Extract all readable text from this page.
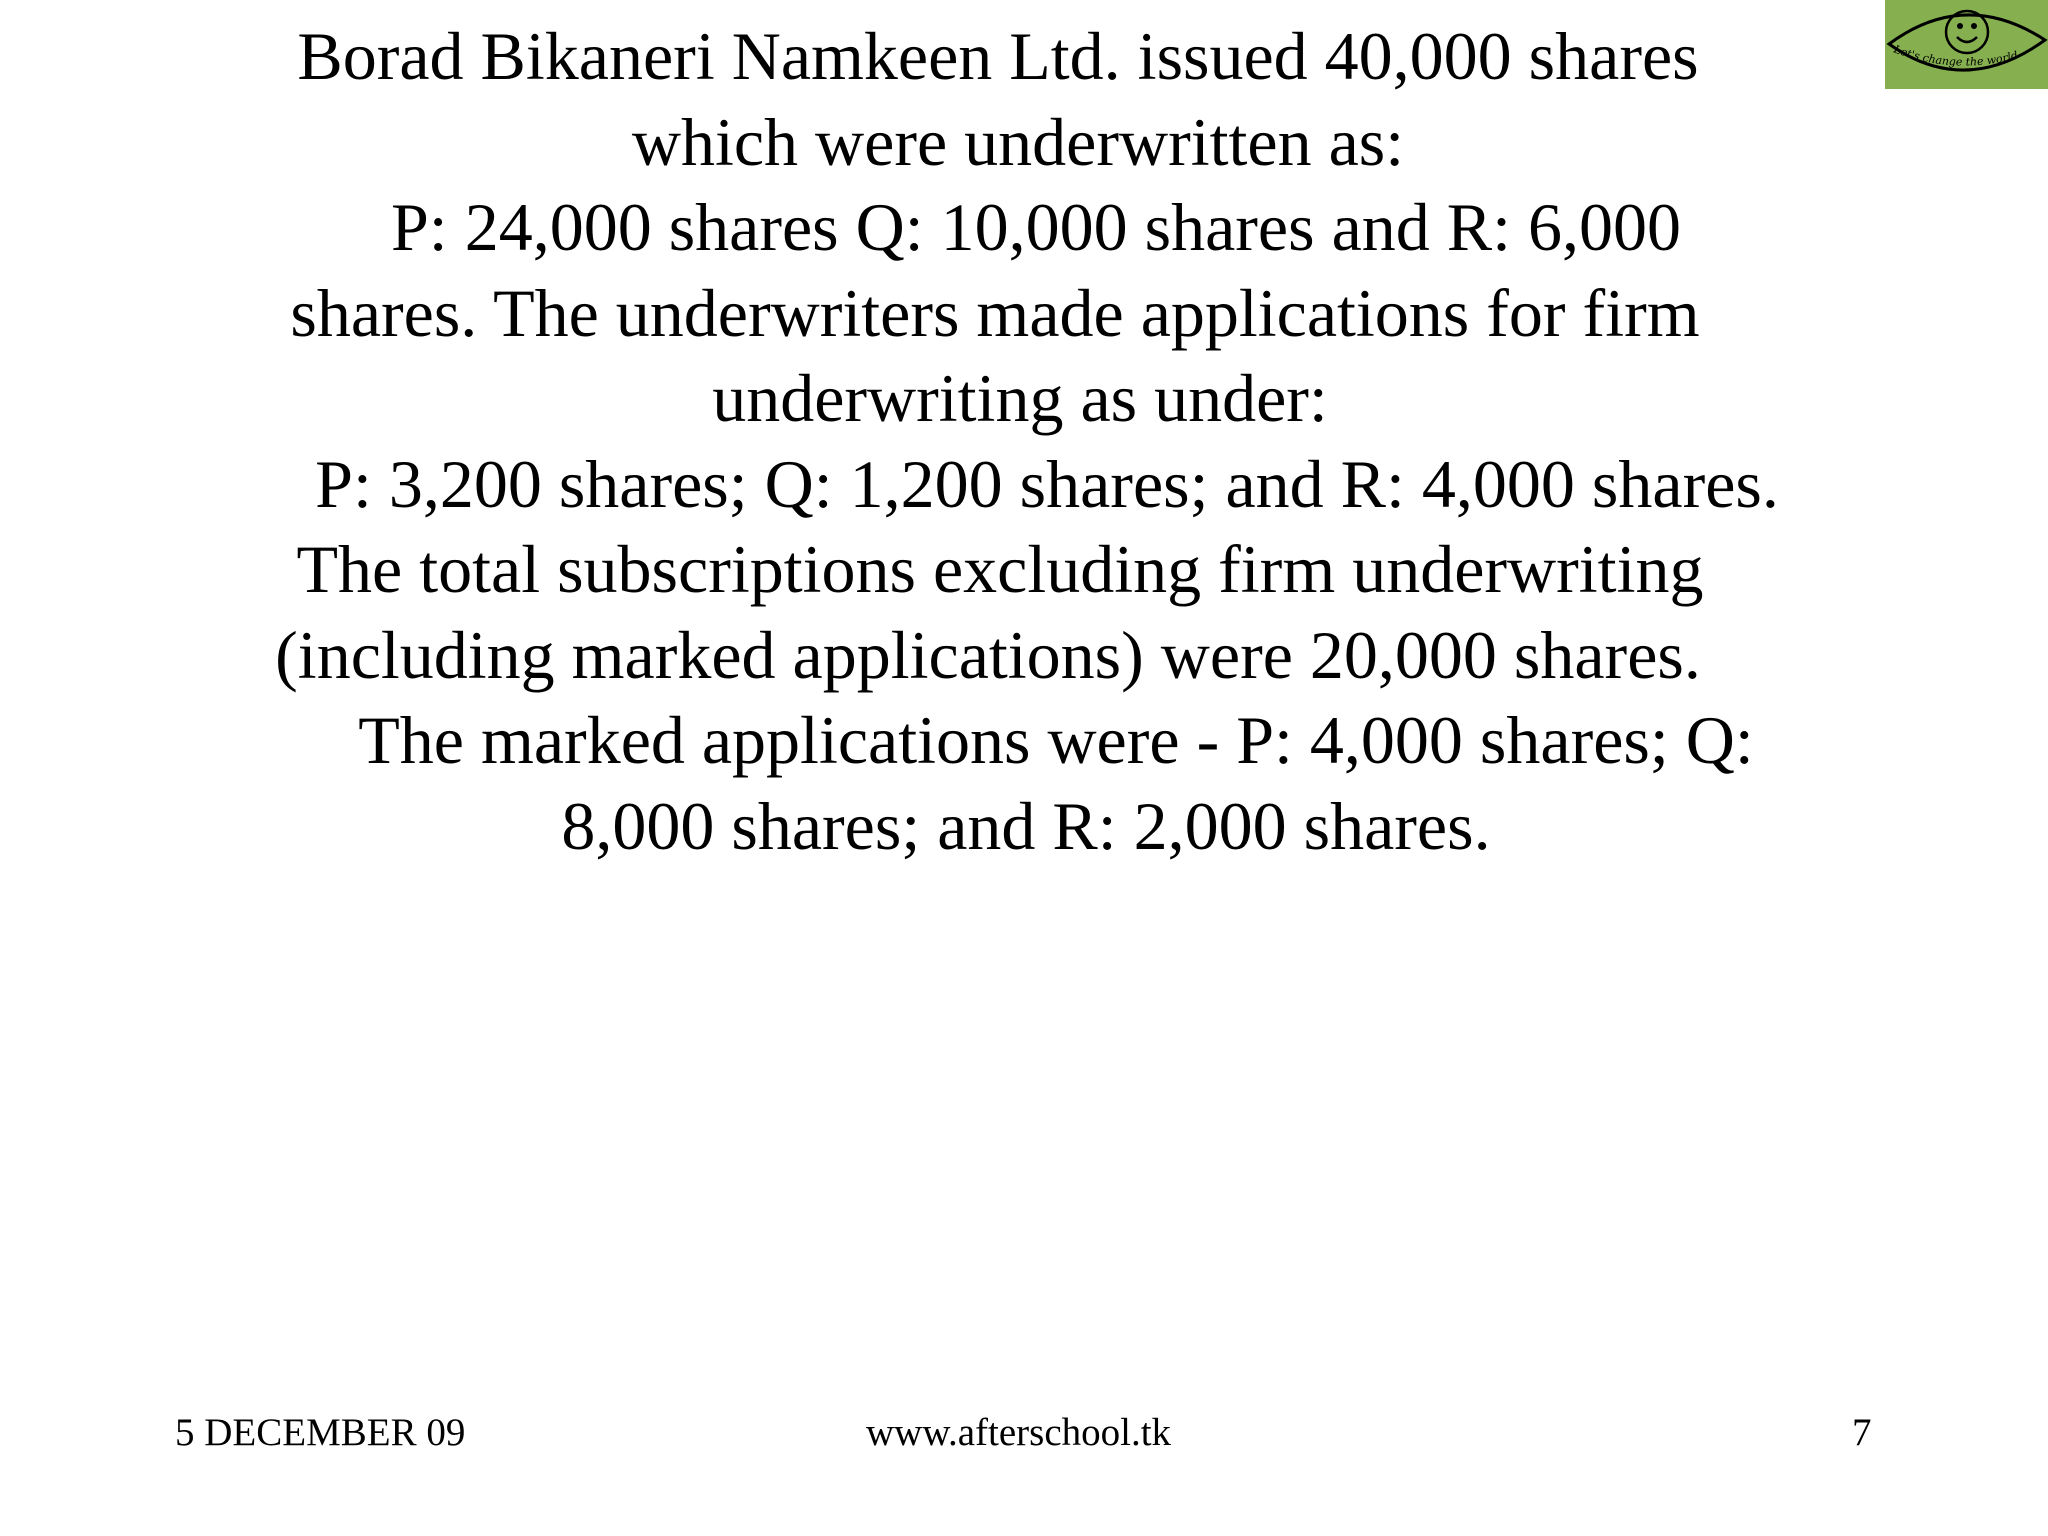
Let's change the world
Borad Bikaneri Namkeen Ltd. issued 40,000 shares
which were underwritten as:
P: 24,000 shares Q: 10,000 shares and R: 6,000
shares. The underwriters made applications for firm
underwriting as under:
P: 3,200 shares; Q: 1,200 shares; and R: 4,000 shares.
The total subscriptions excluding firm underwriting
(including marked applications) were 20,000 shares.
The marked applications were - P: 4,000 shares; Q:
8,000 shares; and R: 2,000 shares.
5 DECEMBER 09	www.afterschool.tk	7
